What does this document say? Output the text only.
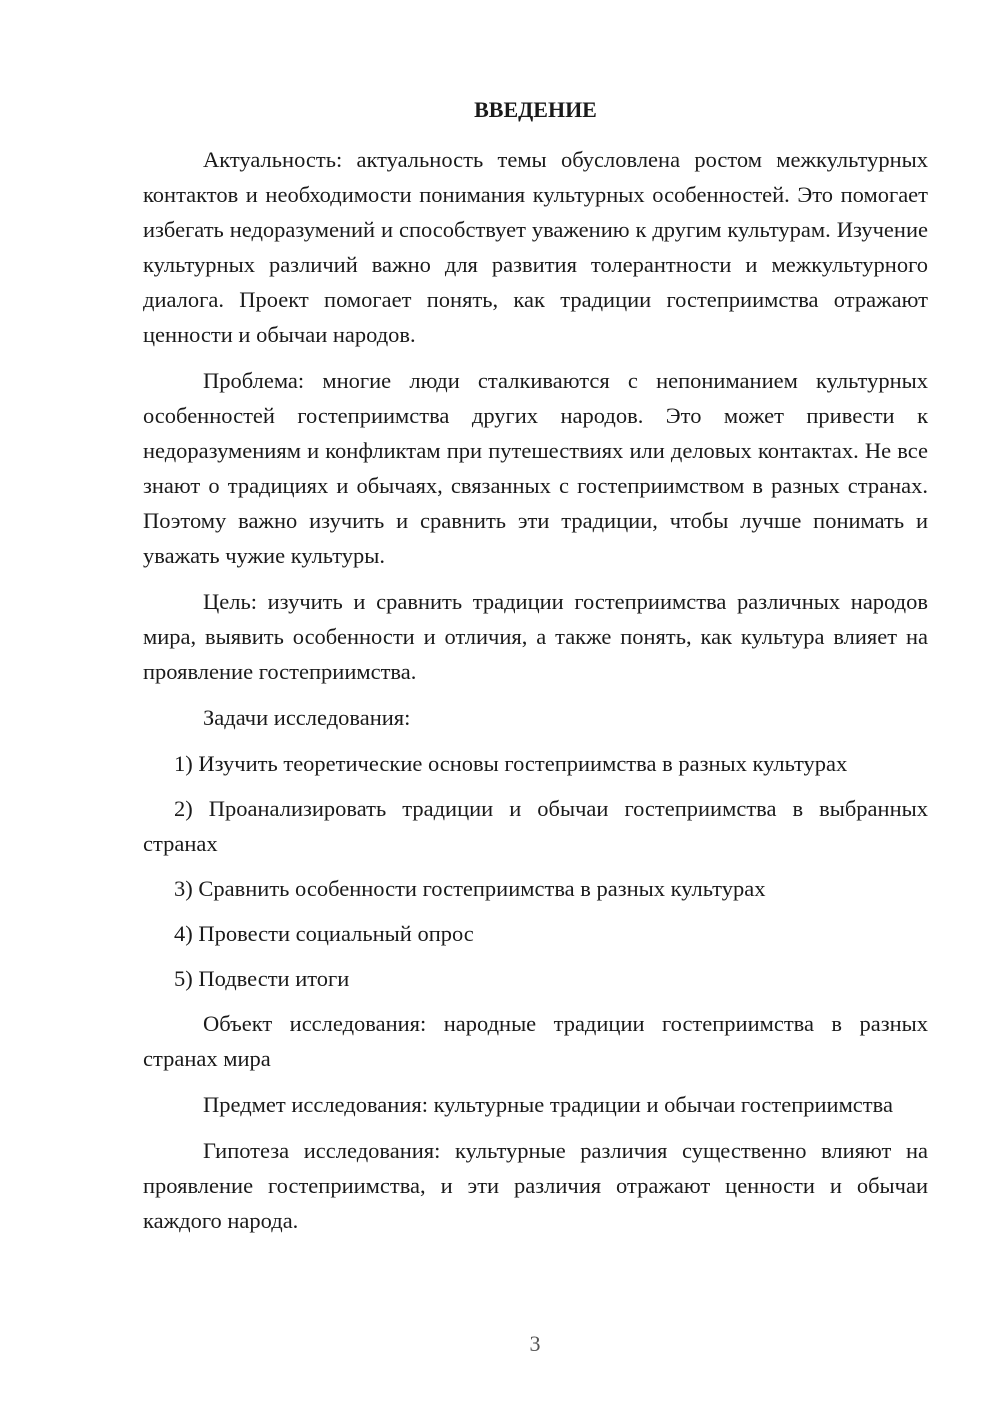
ВВЕДЕНИЕ

Актуальность: актуальность темы обусловлена ростом межкультурных контактов и необходимости понимания культурных особенностей. Это помогает избегать недоразумений и способствует уважению к другим культурам. Изучение культурных различий важно для развития толерантности и межкультурного диалога. Проект помогает понять, как традиции гостеприимства отражают ценности и обычаи народов.

Проблема: многие люди сталкиваются с непониманием культурных особенностей гостеприимства других народов. Это может привести к недоразумениям и конфликтам при путешествиях или деловых контактах. Не все знают о традициях и обычаях, связанных с гостеприимством в разных странах. Поэтому важно изучить и сравнить эти традиции, чтобы лучше понимать и уважать чужие культуры.

Цель: изучить и сравнить традиции гостеприимства различных народов мира, выявить особенности и отличия, а также понять, как культура влияет на проявление гостеприимства.

Задачи исследования:

1) Изучить теоретические основы гостеприимства в разных культурах

2) Проанализировать традиции и обычаи гостеприимства в выбранных странах

3) Сравнить особенности гостеприимства в разных культурах

4) Провести социальный опрос

5) Подвести итоги

Объект исследования: народные традиции гостеприимства в разных странах мира

Предмет исследования: культурные традиции и обычаи гостеприимства

Гипотеза исследования: культурные различия существенно влияют на проявление гостеприимства, и эти различия отражают ценности и обычаи каждого народа.

3
